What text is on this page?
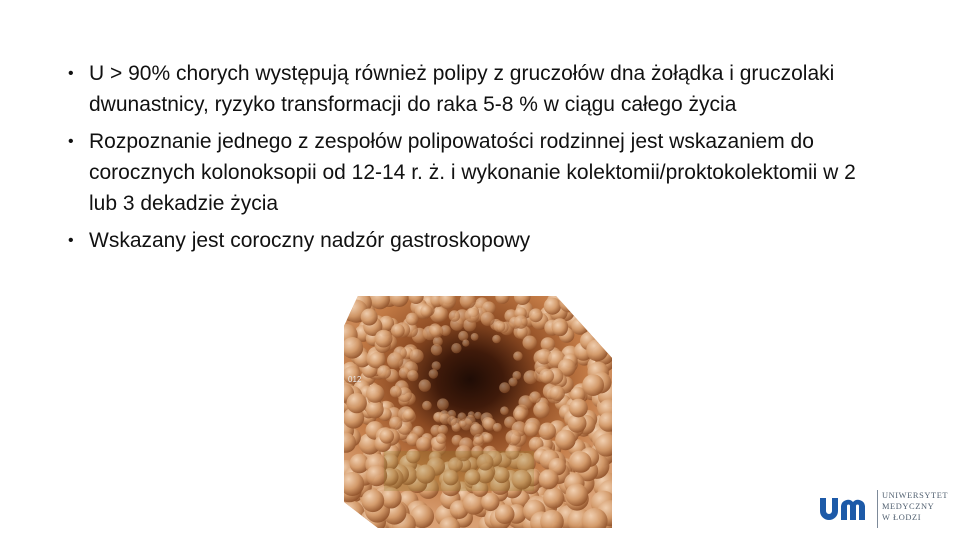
• U > 90% chorych występują również polipy z gruczołów dna żołądka i gruczolaki dwunastnicy, ryzyko transformacji do raka 5-8 % w ciągu całego życia
• Rozpoznanie jednego z zespołów polipowatości rodzinnej jest wskazaniem do corocznych kolonoksopii od 12-14 r. ż. i wykonanie kolektomii/proktokolektomii w 2 lub 3 dekadzie życia
• Wskazany jest coroczny nadzór gastroskopowy
012
UNIWERSYTET
MEDYCZNY
W ŁODZI
